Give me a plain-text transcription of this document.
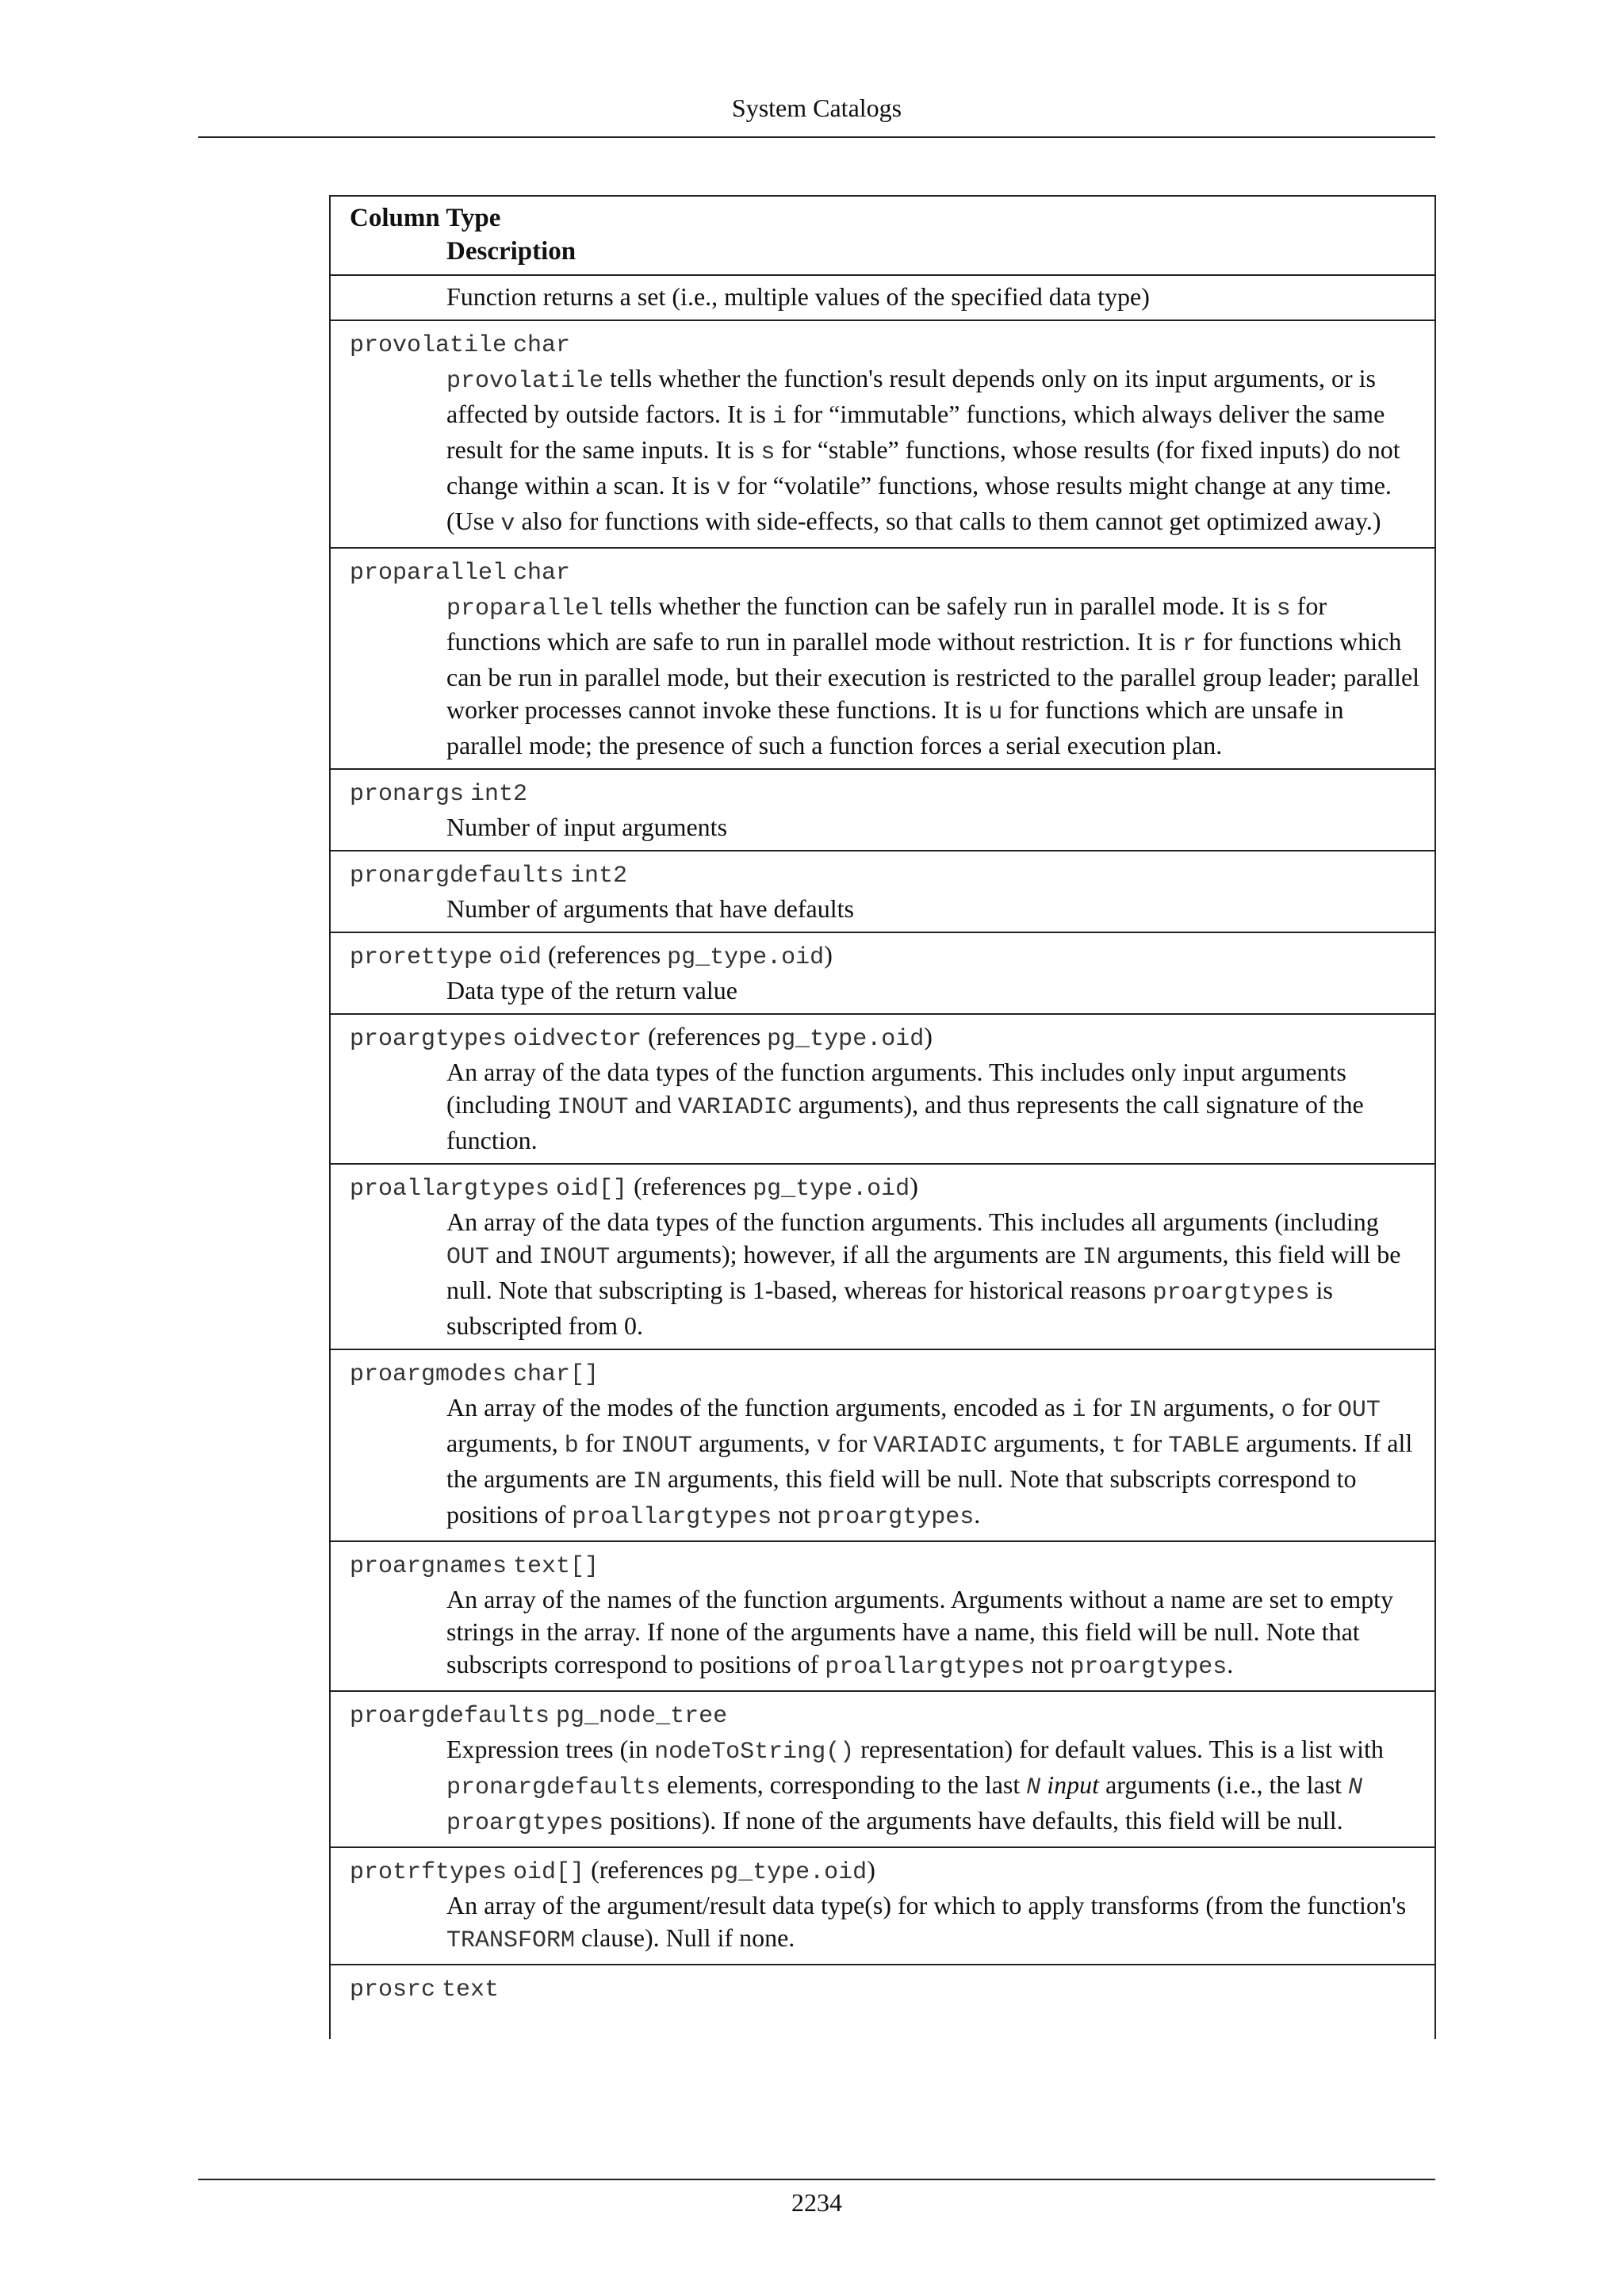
System Catalogs
Column Type
Description
Function returns a set (i.e., multiple values of the specified data type)
provolatile char
provolatile tells whether the function's result depends only on its input arguments, or is affected by outside factors. It is i for “immutable” functions, which always deliver the same result for the same inputs. It is s for “stable” functions, whose results (for fixed inputs) do not change within a scan. It is v for “volatile” functions, whose results might change at any time. (Use v also for functions with side-effects, so that calls to them cannot get optimized away.)
proparallel char
proparallel tells whether the function can be safely run in parallel mode. It is s for functions which are safe to run in parallel mode without restriction. It is r for functions which can be run in parallel mode, but their execution is restricted to the parallel group leader; parallel worker processes cannot invoke these functions. It is u for functions which are unsafe in parallel mode; the presence of such a function forces a serial execution plan.
pronargs int2
Number of input arguments
pronargdefaults int2
Number of arguments that have defaults
prorettype oid (references pg_type.oid)
Data type of the return value
proargtypes oidvector (references pg_type.oid)
An array of the data types of the function arguments. This includes only input arguments (including INOUT and VARIADIC arguments), and thus represents the call signature of the function.
proallargtypes oid[] (references pg_type.oid)
An array of the data types of the function arguments. This includes all arguments (including OUT and INOUT arguments); however, if all the arguments are IN arguments, this field will be null. Note that subscripting is 1-based, whereas for historical reasons proargtypes is subscripted from 0.
proargmodes char[]
An array of the modes of the function arguments, encoded as i for IN arguments, o for OUT arguments, b for INOUT arguments, v for VARIADIC arguments, t for TABLE arguments. If all the arguments are IN arguments, this field will be null. Note that subscripts correspond to positions of proallargtypes not proargtypes.
proargnames text[]
An array of the names of the function arguments. Arguments without a name are set to empty strings in the array. If none of the arguments have a name, this field will be null. Note that subscripts correspond to positions of proallargtypes not proargtypes.
proargdefaults pg_node_tree
Expression trees (in nodeToString() representation) for default values. This is a list with pronargdefaults elements, corresponding to the last N input arguments (i.e., the last N proargtypes positions). If none of the arguments have defaults, this field will be null.
protrftypes oid[] (references pg_type.oid)
An array of the argument/result data type(s) for which to apply transforms (from the function's TRANSFORM clause). Null if none.
prosrc text
2234
